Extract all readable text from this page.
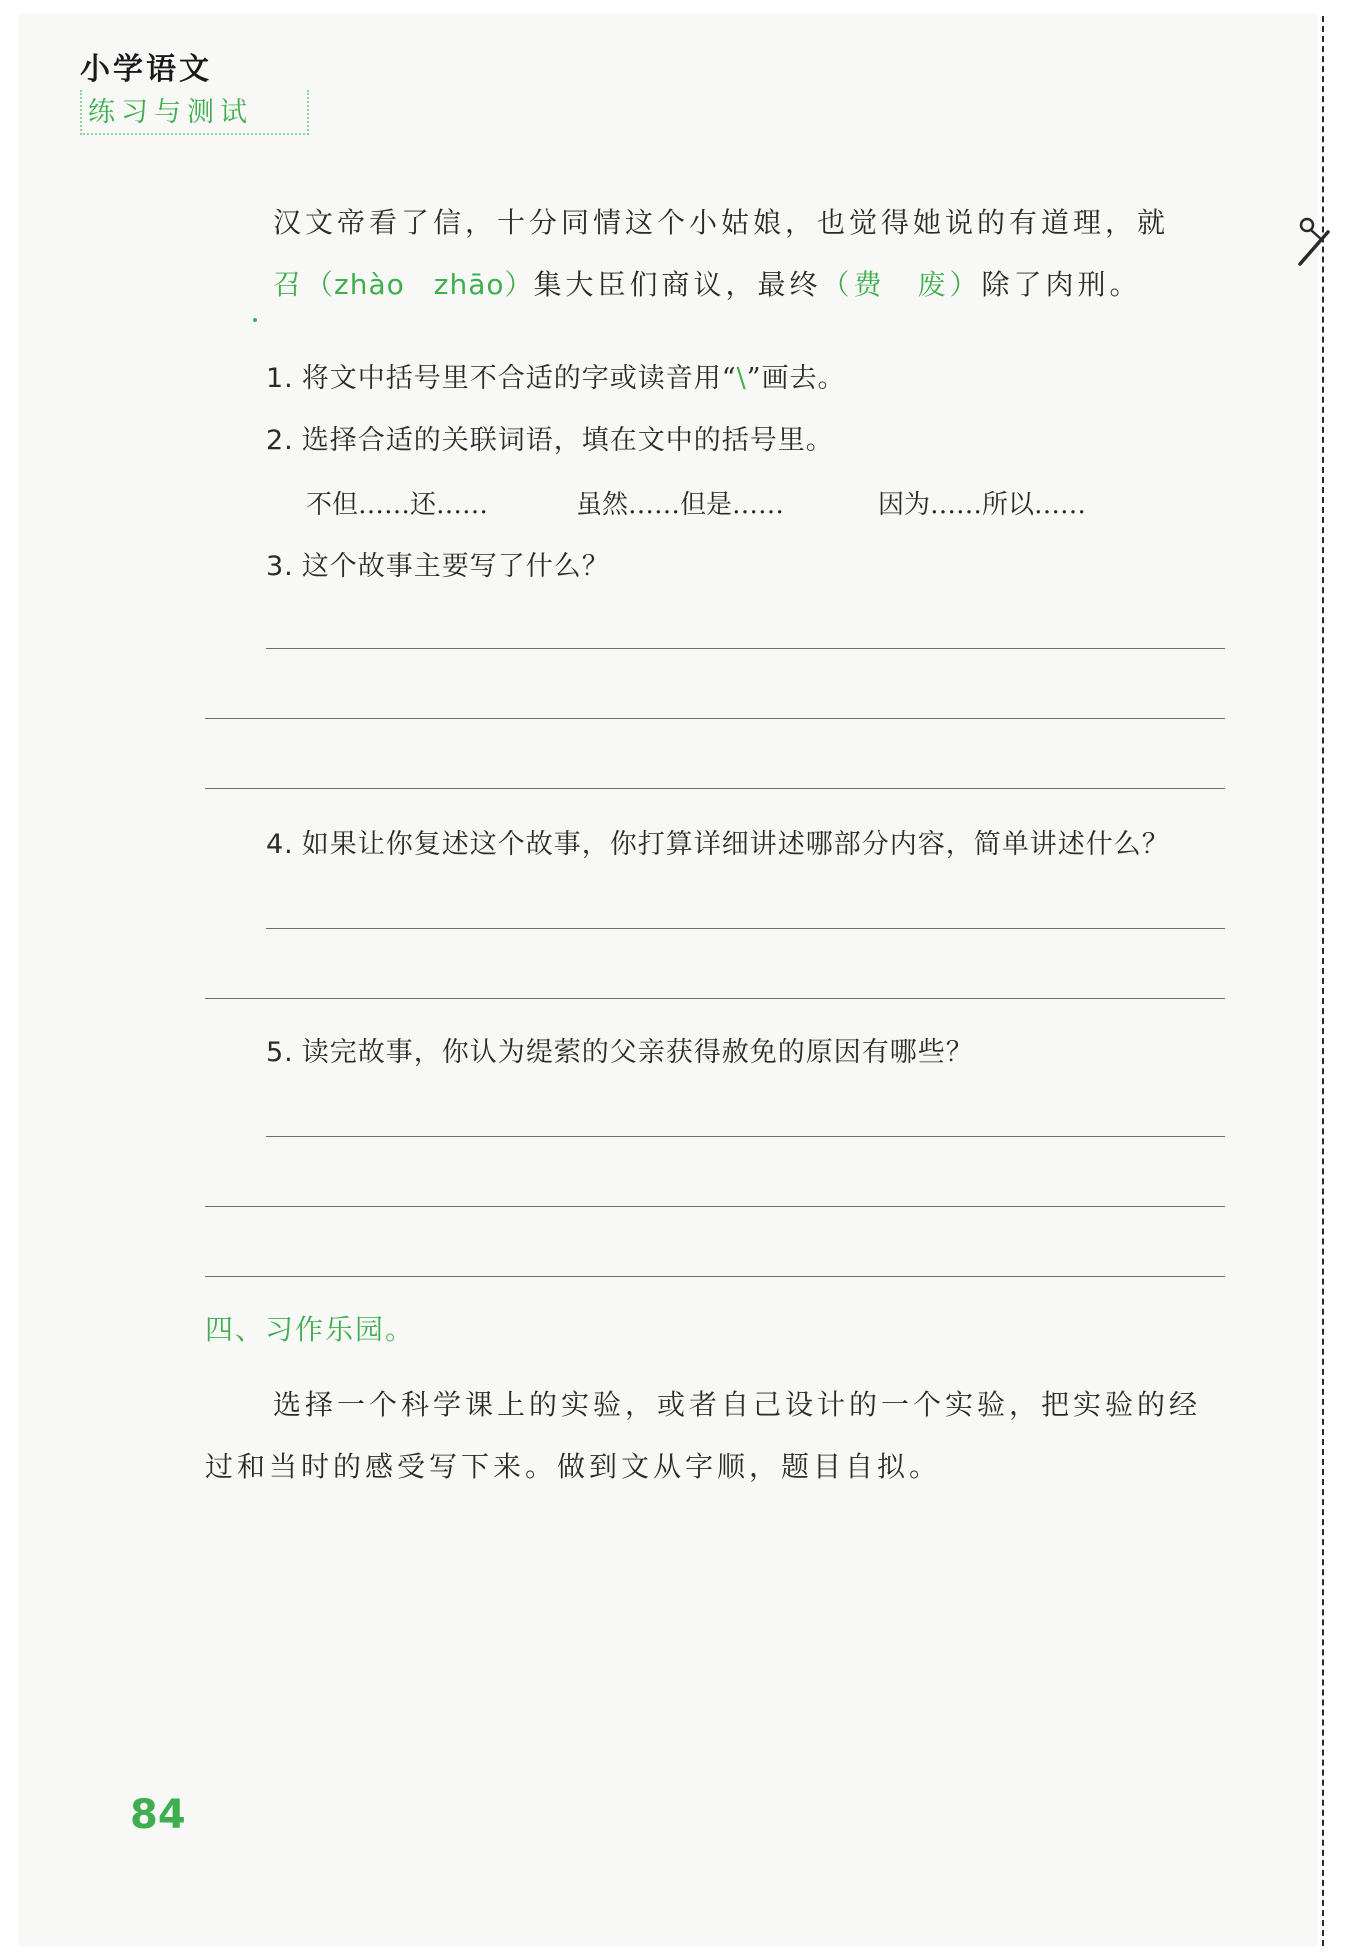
小学语文
练习与测试
汉文帝看了信，十分同情这个小姑娘，也觉得她说的有道理，就召（zhào　zhāo）集大臣们商议，最终（费　废）除了肉刑。
1. 将文中括号里不合适的字或读音用“\”画去。
2. 选择合适的关联词语，填在文中的括号里。
不但……还……	虽然……但是……	因为……所以……
3. 这个故事主要写了什么？
4. 如果让你复述这个故事，你打算详细讲述哪部分内容，简单讲述什么？
5. 读完故事，你认为缇萦的父亲获得赦免的原因有哪些？
四、习作乐园。
选择一个科学课上的实验，或者自己设计的一个实验，把实验的经过和当时的感受写下来。做到文从字顺，题目自拟。
84
